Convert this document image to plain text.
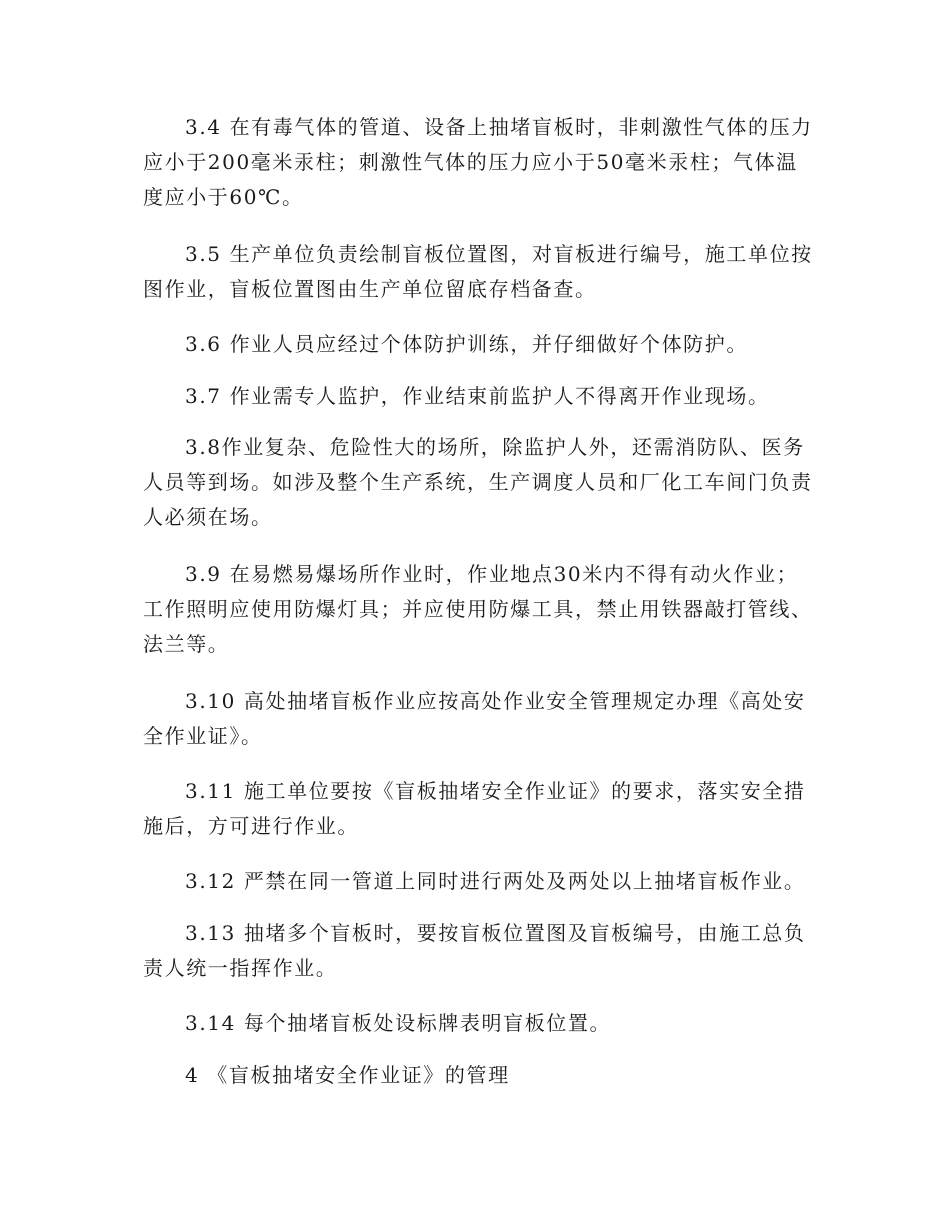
3.4 在有毒气体的管道、设备上抽堵盲板时，非刺激性气体的压力应小于200毫米汞柱；刺激性气体的压力应小于50毫米汞柱；气体温度应小于60℃。

3.5 生产单位负责绘制盲板位置图，对盲板进行编号，施工单位按图作业，盲板位置图由生产单位留底存档备查。

3.6 作业人员应经过个体防护训练，并仔细做好个体防护。

3.7 作业需专人监护，作业结束前监护人不得离开作业现场。

3.8作业复杂、危险性大的场所，除监护人外，还需消防队、医务人员等到场。如涉及整个生产系统，生产调度人员和厂化工车间门负责人必须在场。

3.9 在易燃易爆场所作业时，作业地点30米内不得有动火作业；工作照明应使用防爆灯具；并应使用防爆工具，禁止用铁器敲打管线、法兰等。

3.10 高处抽堵盲板作业应按高处作业安全管理规定办理《高处安全作业证》。

3.11 施工单位要按《盲板抽堵安全作业证》的要求，落实安全措施后，方可进行作业。

3.12 严禁在同一管道上同时进行两处及两处以上抽堵盲板作业。

3.13 抽堵多个盲板时，要按盲板位置图及盲板编号，由施工总负责人统一指挥作业。

3.14 每个抽堵盲板处设标牌表明盲板位置。

4 《盲板抽堵安全作业证》的管理
